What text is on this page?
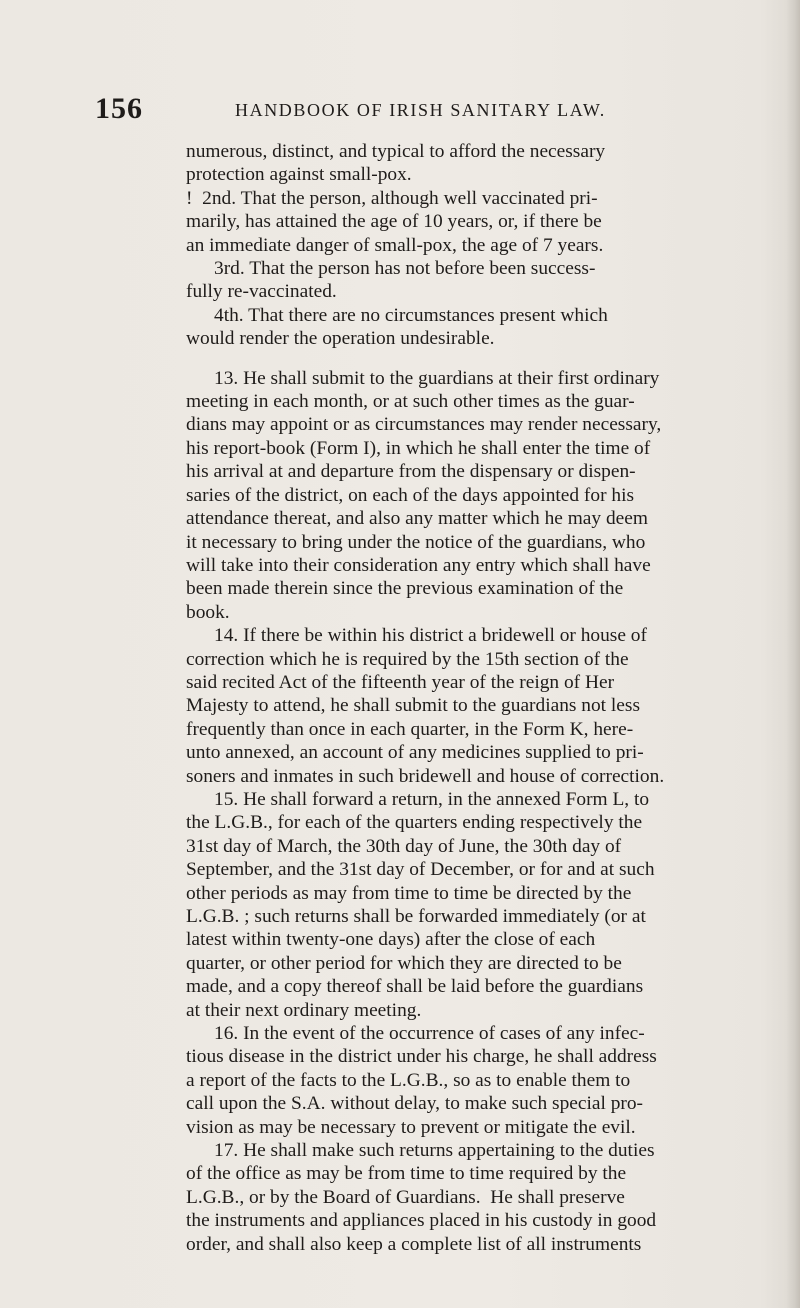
156	HANDBOOK OF IRISH SANITARY LAW.
numerous, distinct, and typical to afford the necessary
protection against small-pox.
!  2nd. That the person, although well vaccinated pri-
marily, has attained the age of 10 years, or, if there be
an immediate danger of small-pox, the age of 7 years.
3rd. That the person has not before been success-
fully re-vaccinated.
4th. That there are no circumstances present which
would render the operation undesirable.
13. He shall submit to the guardians at their first ordinary
meeting in each month, or at such other times as the guar-
dians may appoint or as circumstances may render necessary,
his report-book (Form I), in which he shall enter the time of
his arrival at and departure from the dispensary or dispen-
saries of the district, on each of the days appointed for his
attendance thereat, and also any matter which he may deem
it necessary to bring under the notice of the guardians, who
will take into their consideration any entry which shall have
been made therein since the previous examination of the
book.
14. If there be within his district a bridewell or house of
correction which he is required by the 15th section of the
said recited Act of the fifteenth year of the reign of Her
Majesty to attend, he shall submit to the guardians not less
frequently than once in each quarter, in the Form K, here-
unto annexed, an account of any medicines supplied to pri-
soners and inmates in such bridewell and house of correction.
15. He shall forward a return, in the annexed Form L, to
the L.G.B., for each of the quarters ending respectively the
31st day of March, the 30th day of June, the 30th day of
September, and the 31st day of December, or for and at such
other periods as may from time to time be directed by the
L.G.B. ; such returns shall be forwarded immediately (or at
latest within twenty-one days) after the close of each
quarter, or other period for which they are directed to be
made, and a copy thereof shall be laid before the guardians
at their next ordinary meeting.
16. In the event of the occurrence of cases of any infec-
tious disease in the district under his charge, he shall address
a report of the facts to the L.G.B., so as to enable them to
call upon the S.A. without delay, to make such special pro-
vision as may be necessary to prevent or mitigate the evil.
17. He shall make such returns appertaining to the duties
of the office as may be from time to time required by the
L.G.B., or by the Board of Guardians.  He shall preserve
the instruments and appliances placed in his custody in good
order, and shall also keep a complete list of all instruments
